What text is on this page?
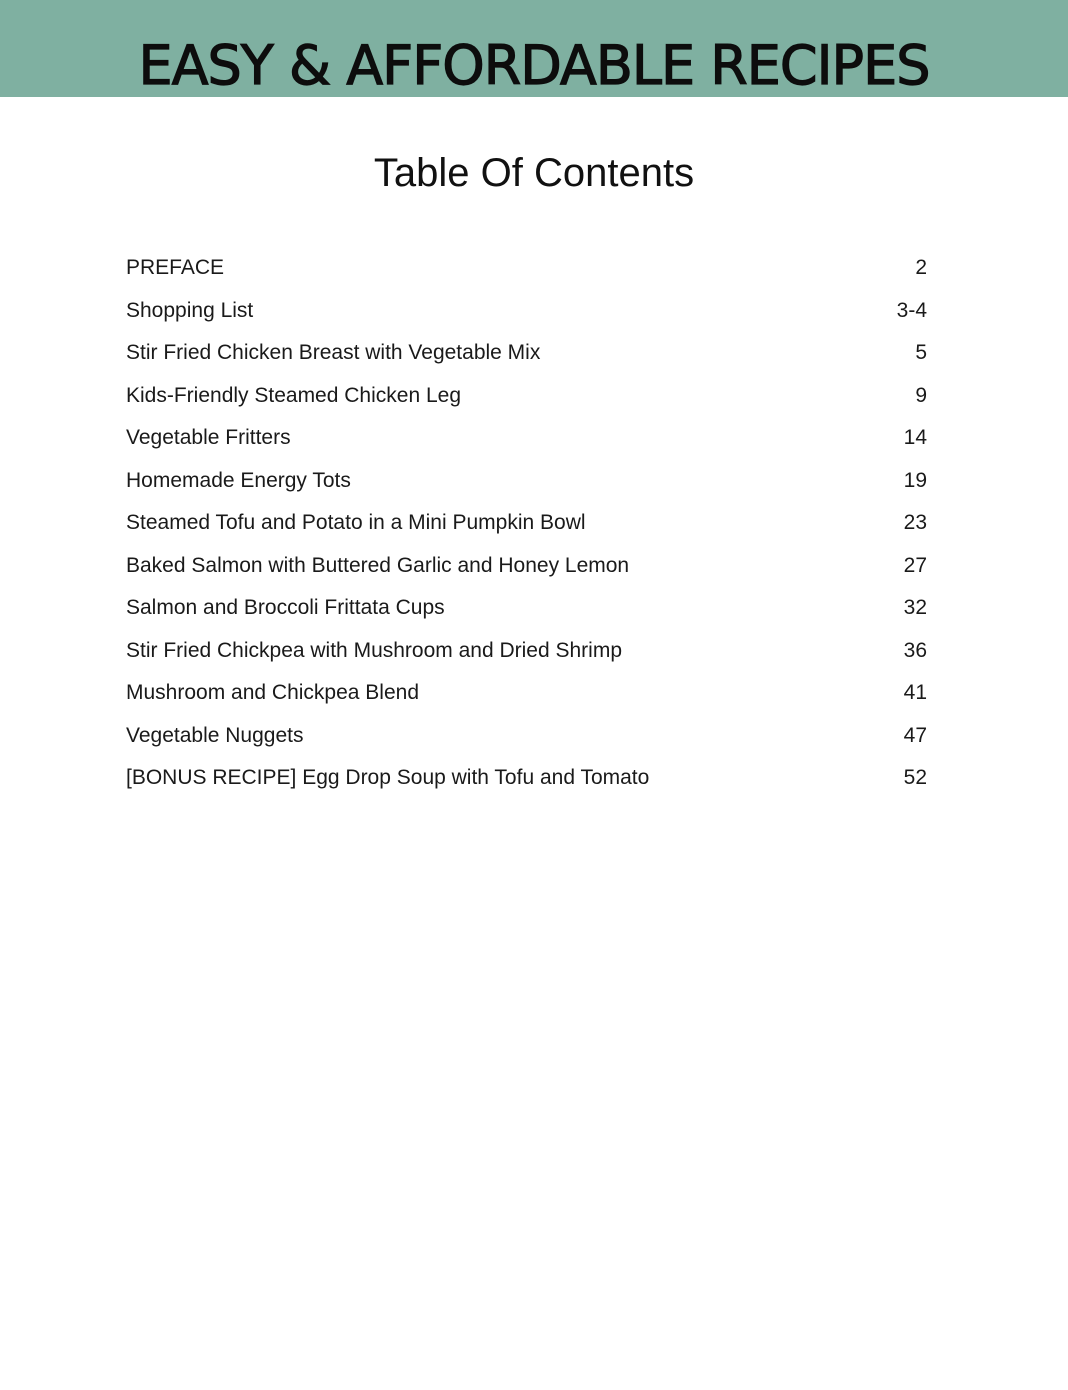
EASY & AFFORDABLE RECIPES
Table Of Contents
PREFACE	2
Shopping List	3-4
Stir Fried Chicken Breast with Vegetable Mix	5
Kids-Friendly Steamed Chicken Leg	9
Vegetable Fritters	14
Homemade Energy Tots	19
Steamed Tofu and Potato in a Mini Pumpkin Bowl	23
Baked Salmon with Buttered Garlic and Honey Lemon	27
Salmon and Broccoli Frittata Cups	32
Stir Fried Chickpea with Mushroom and Dried Shrimp	36
Mushroom and Chickpea Blend	41
Vegetable Nuggets	47
[BONUS RECIPE] Egg Drop Soup with Tofu and Tomato	52
